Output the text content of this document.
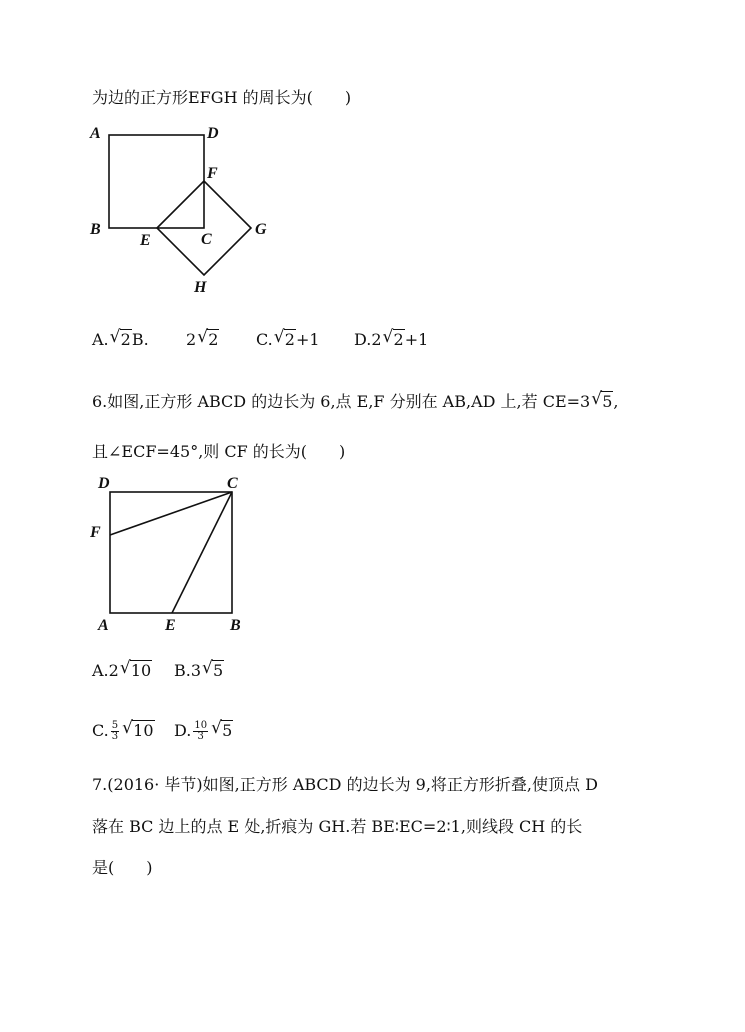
为边的正方形EFGH 的周长为(　　)
A	D
F
B
E	C
G
H
D	C
F
A	E	B
A. √ 2B. 2 √ 2 C. √ 2+1 D.2 √ 2+1
6.如图,正方形 ABCD 的边长为 6,点 E,F 分别在 AB,AD 上,若 CE=3 √ 5,
且∠ECF=45°,则 CF 的长为(　　)
A.2 √ 10 B.3 √ 5
C. $\frac{5}{3}$ √ 10 D. $\frac{10}{3}$ √ 5
7.(2016· 毕节)如图,正方形 ABCD 的边长为 9,将正方形折叠,使顶点 D
落在 BC 边上的点 E 处,折痕为 GH.若 BE∶EC=2∶1,则线段 CH 的长
是(　　)
